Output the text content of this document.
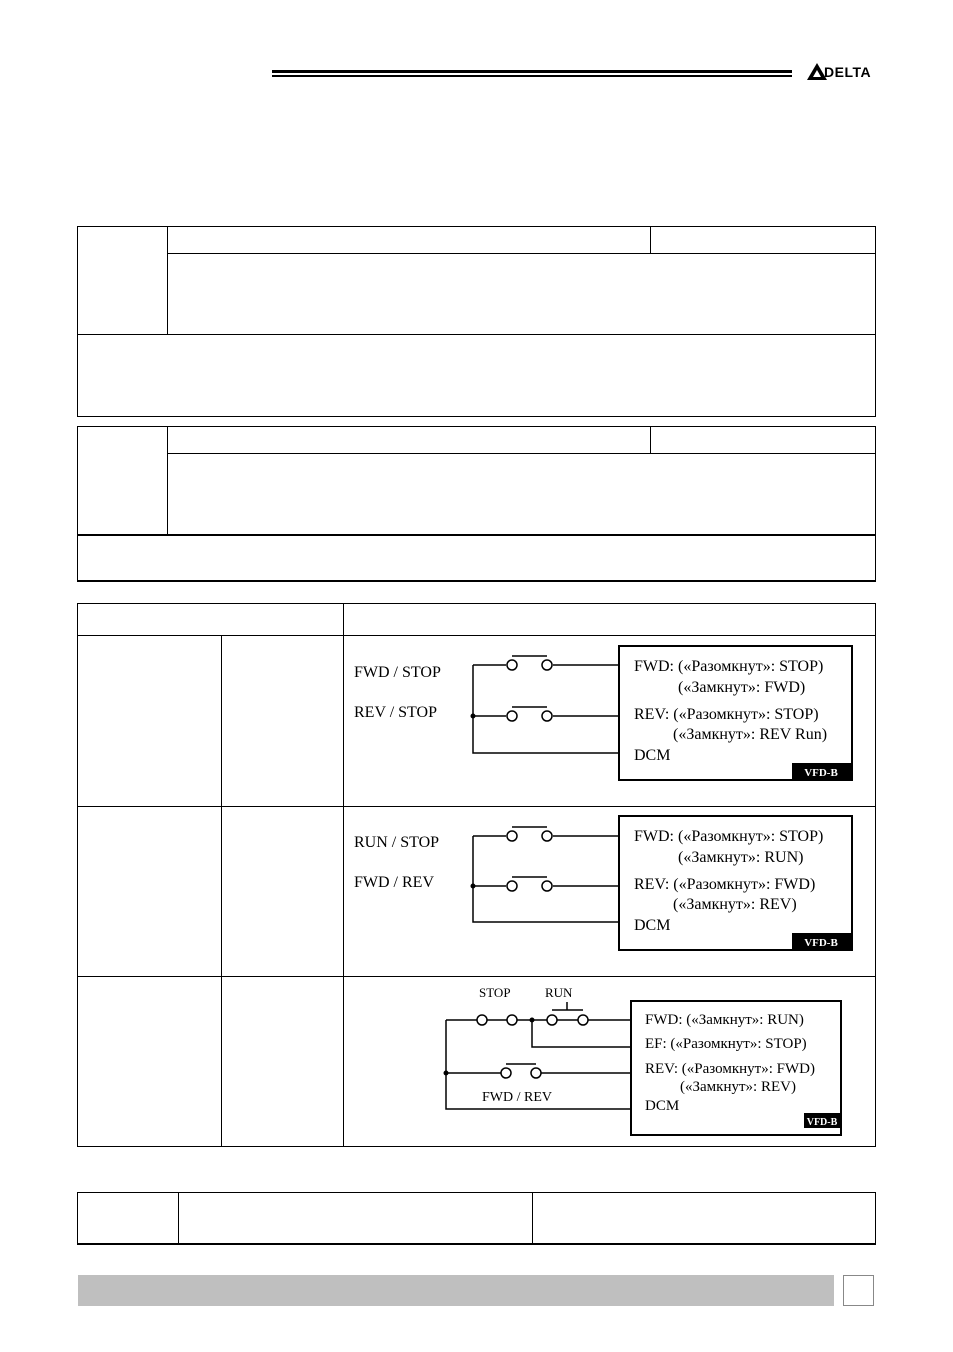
DELTA
FWD / STOP
REV / STOP
FWD: («Разомкнут»: STOP)
(«Замкнут»: FWD)
REV: («Разомкнут»: STOP)
(«Замкнут»: REV Run)
DCM
VFD-B
RUN / STOP
FWD / REV
FWD: («Разомкнут»: STOP)
(«Замкнут»: RUN)
REV: («Разомкнут»: FWD)
(«Замкнут»: REV)
DCM
VFD-B
STOP	RUN
FWD / REV
FWD: («Замкнут»: RUN)
EF: («Разомкнут»: STOP)
REV: («Разомкнут»: FWD)
(«Замкнут»: REV)
DCM
VFD-B
